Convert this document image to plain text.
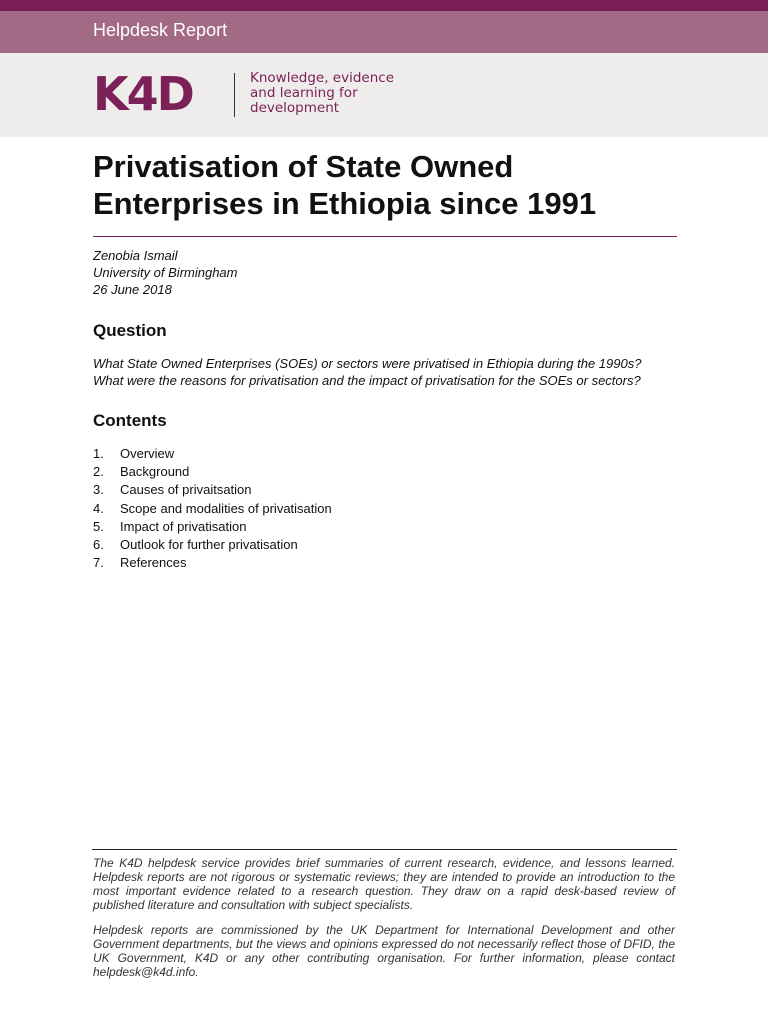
Helpdesk Report
K4D	Knowledge, evidence
and learning for
development
Privatisation of State Owned
Enterprises in Ethiopia since 1991
Zenobia Ismail
University of Birmingham
26 June 2018
Question
What State Owned Enterprises (SOEs) or sectors were privatised in Ethiopia during the 1990s?
What were the reasons for privatisation and the impact of privatisation for the SOEs or sectors?
Contents
1.	Overview
2.	Background
3.	Causes of privaitsation
4.	Scope and modalities of privatisation
5.	Impact of privatisation
6.	Outlook for further privatisation
7.	References

The K4D helpdesk service provides brief summaries of current research, evidence, and lessons learned. Helpdesk reports are not rigorous or systematic reviews; they are intended to provide an introduction to the most important evidence related to a research question. They draw on a rapid desk-based review of published literature and consultation with subject specialists.

Helpdesk reports are commissioned by the UK Department for International Development and other Government departments, but the views and opinions expressed do not necessarily reflect those of DFID, the UK Government, K4D or any other contributing organisation. For further information, please contact helpdesk@k4d.info.
